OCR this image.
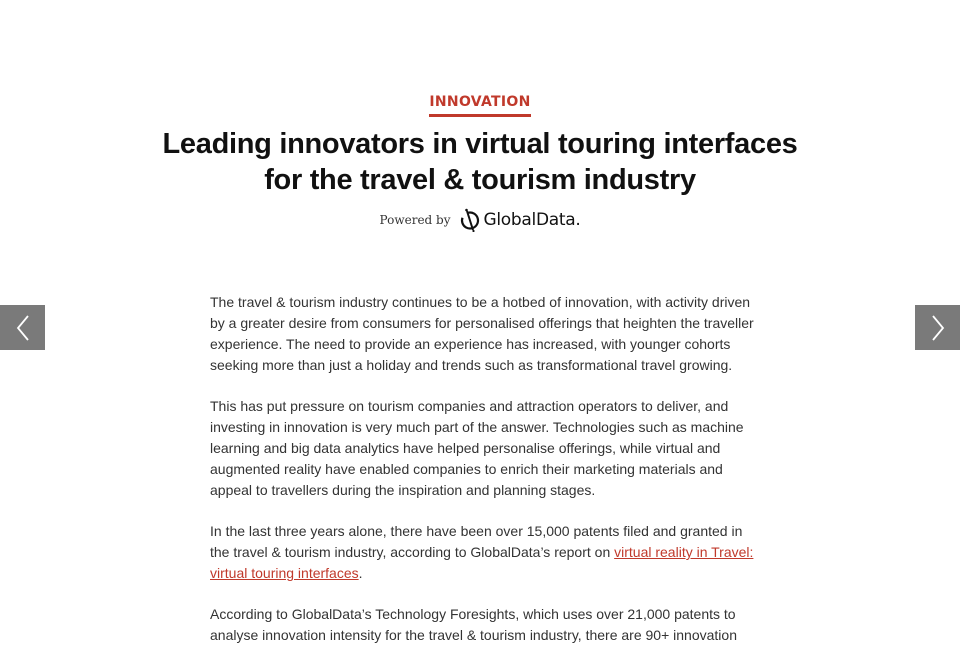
INNOVATION
Leading innovators in virtual touring interfaces for the travel & tourism industry
Powered by GlobalData.

The travel & tourism industry continues to be a hotbed of innovation, with activity driven by a greater desire from consumers for personalised offerings that heighten the traveller experience. The need to provide an experience has increased, with younger cohorts seeking more than just a holiday and trends such as transformational travel growing.

This has put pressure on tourism companies and attraction operators to deliver, and investing in innovation is very much part of the answer. Technologies such as machine learning and big data analytics have helped personalise offerings, while virtual and augmented reality have enabled companies to enrich their marketing materials and appeal to travellers during the inspiration and planning stages.

In the last three years alone, there have been over 15,000 patents filed and granted in the travel & tourism industry, according to GlobalData’s report on virtual reality in Travel: virtual touring interfaces.

According to GlobalData’s Technology Foresights, which uses over 21,000 patents to analyse innovation intensity for the travel & tourism industry, there are 90+ innovation
